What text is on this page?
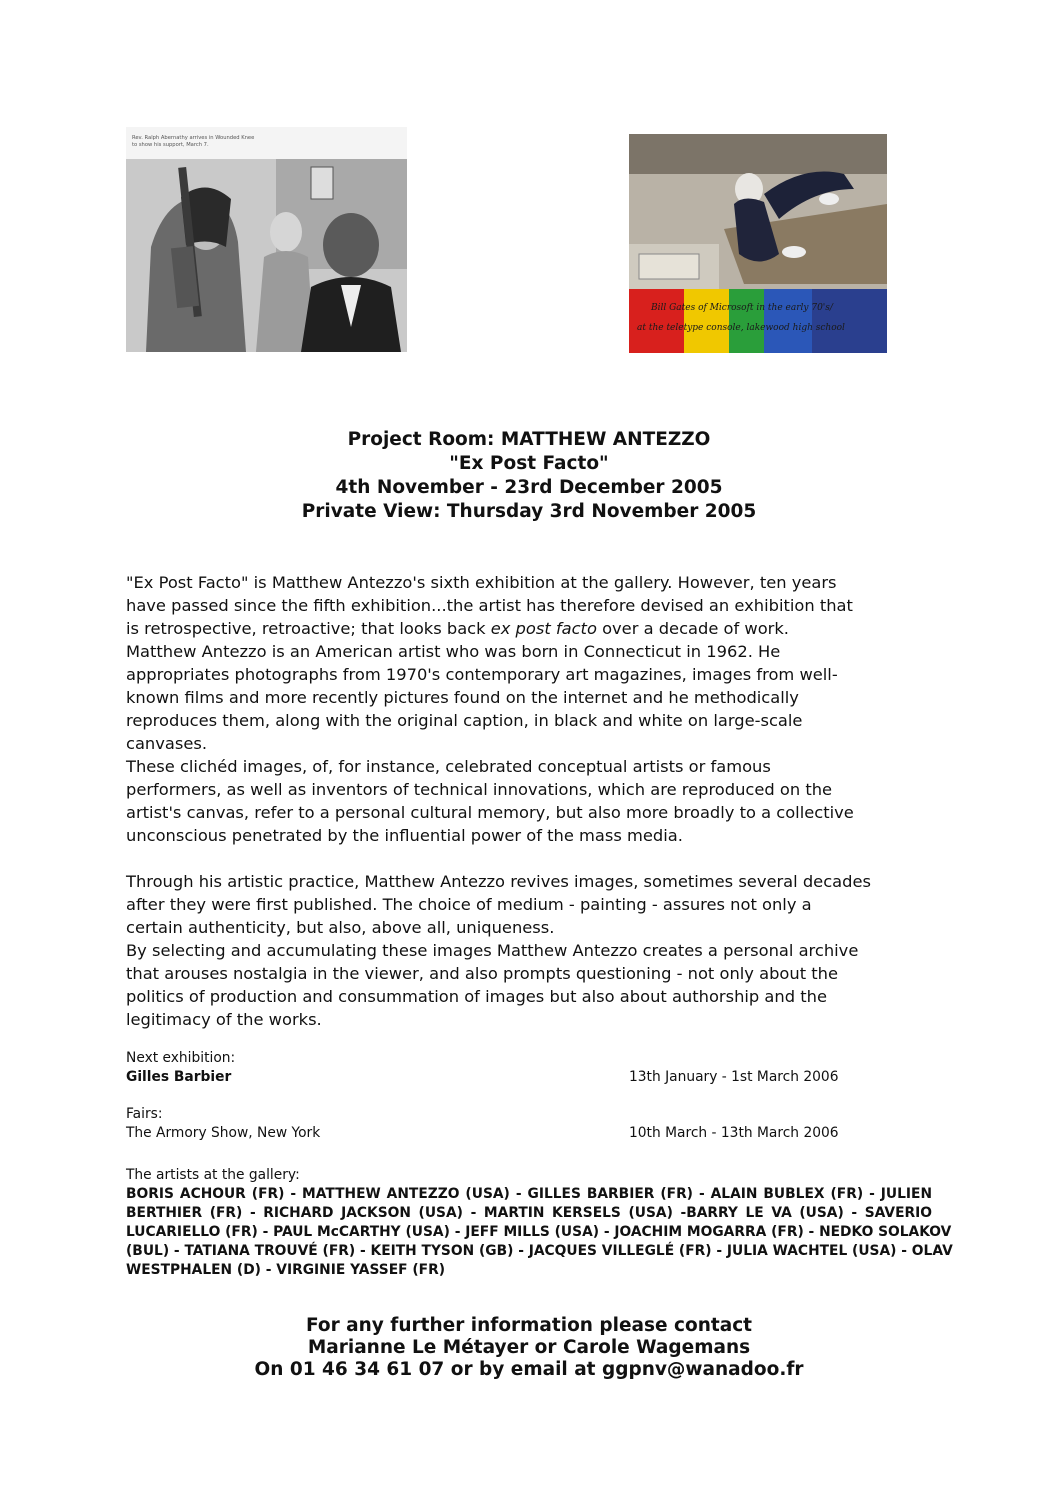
Rev. Ralph Abernathy arrives in Wounded Knee
to show his support, March 7.
Bill Gates of Microsoft in the early 70's/
at the teletype console, lakewood high school
Project Room: MATTHEW ANTEZZO
"Ex Post Facto"
4th November - 23rd December 2005
Private View: Thursday 3rd November 2005
"Ex Post Facto" is Matthew Antezzo's sixth exhibition at the gallery. However, ten years
have passed since the fifth exhibition...the artist has therefore devised an exhibition that
is retrospective, retroactive; that looks back ex post facto over a decade of work.
Matthew Antezzo is an American artist who was born in Connecticut in 1962. He
appropriates photographs from 1970's contemporary art magazines, images from well-
known films and more recently pictures found on the internet and he methodically
reproduces them, along with the original caption, in black and white on large-scale
canvases.
These clichéd images, of, for instance, celebrated conceptual artists or famous
performers, as well as inventors of technical innovations, which are reproduced on the
artist's canvas, refer to a personal cultural memory, but also more broadly to a collective
unconscious penetrated by the influential power of the mass media.
Through his artistic practice, Matthew Antezzo revives images, sometimes several decades
after they were first published. The choice of medium - painting - assures not only a
certain authenticity, but also, above all, uniqueness.
By selecting and accumulating these images Matthew Antezzo creates a personal archive
that arouses nostalgia in the viewer, and also prompts questioning - not only about the
politics of production and consummation of images but also about authorship and the
legitimacy of the works.
Next exhibition:
Gilles Barbier	13th January - 1st March 2006
Fairs:
The Armory Show, New York	10th March - 13th March 2006
The artists at the gallery:
BORIS ACHOUR (FR) - MATTHEW ANTEZZO (USA) - GILLES BARBIER (FR) - ALAIN BUBLEX (FR) - JULIEN
BERTHIER (FR) - RICHARD JACKSON (USA) - MARTIN KERSELS (USA) -BARRY LE VA (USA) - SAVERIO
LUCARIELLO (FR) - PAUL McCARTHY (USA) - JEFF MILLS (USA) - JOACHIM MOGARRA (FR) - NEDKO SOLAKOV
(BUL) - TATIANA TROUVÉ (FR) - KEITH TYSON (GB) - JACQUES VILLEGLÉ (FR) - JULIA WACHTEL (USA) - OLAV
WESTPHALEN (D) - VIRGINIE YASSEF (FR)
For any further information please contact
Marianne Le Métayer or Carole Wagemans
On 01 46 34 61 07 or by email at ggpnv@wanadoo.fr
